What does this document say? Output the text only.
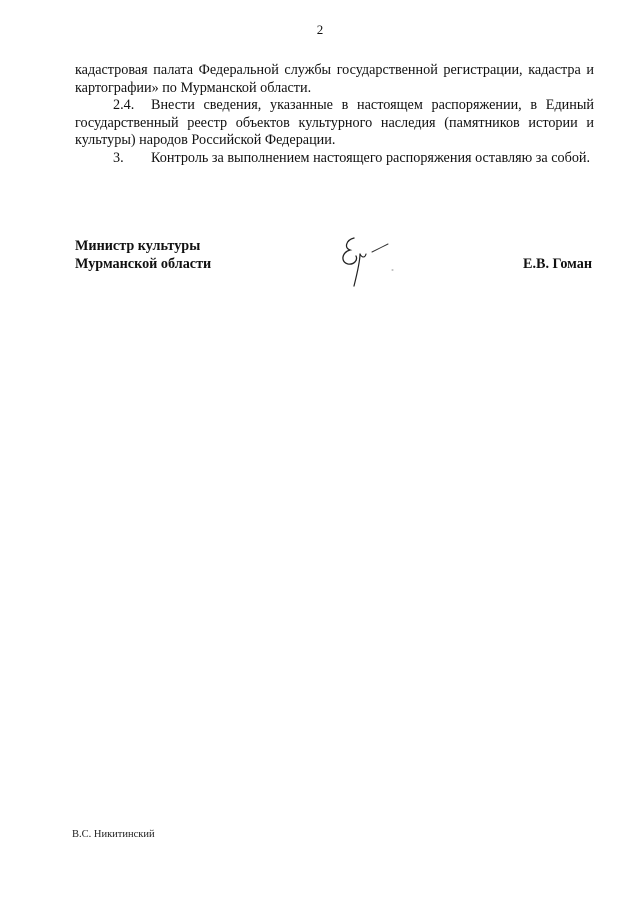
2
кадастровая палата Федеральной службы государственной регистрации, кадастра и картографии» по Мурманской области.
2.4. Внести сведения, указанные в настоящем распоряжении, в Единый государственный реестр объектов культурного наследия (памятников истории и культуры) народов Российской Федерации.
3. Контроль за выполнением настоящего распоряжения оставляю за собой.
Министр культуры
Мурманской области	Е.В. Гоман
В.С. Никитинский
